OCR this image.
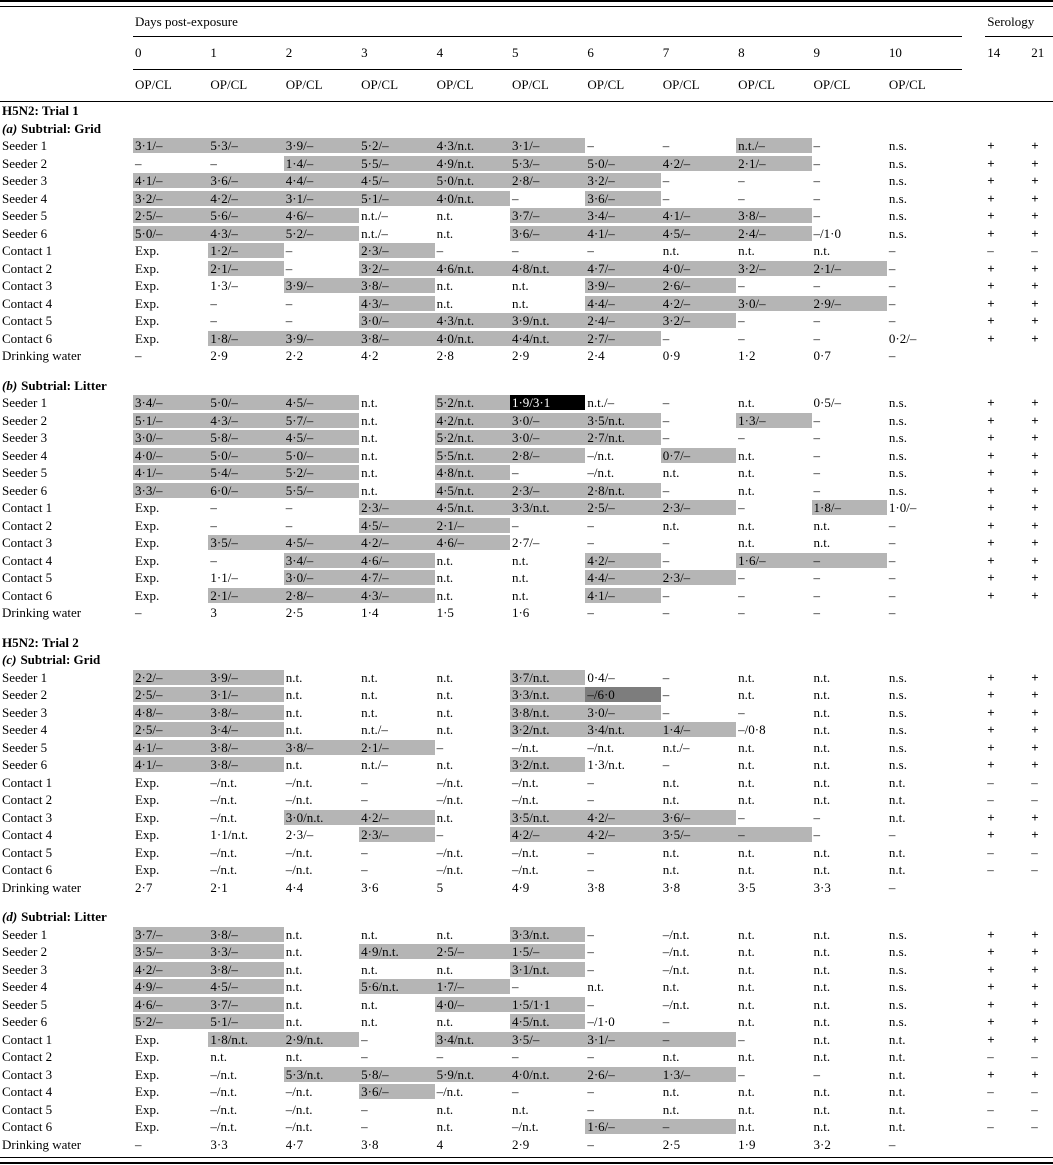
Days post-exposure	Serology
0	1	2	3	4	5	6	7	8	9	10	14	21
OP/CL	OP/CL	OP/CL	OP/CL	OP/CL	OP/CL	OP/CL	OP/CL	OP/CL	OP/CL	OP/CL
H5N2: Trial 1
(a) Subtrial: Grid
Seeder 1	3·1/–	5·3/–	3·9/–	5·2/–	4·3/n.t.	3·1/–	–	–	n.t./–	–	n.s.	+	+
Seeder 2	–	–	1·4/–	5·5/–	4·9/n.t.	5·3/–	5·0/–	4·2/–	2·1/–	–	n.s.	+	+
Seeder 3	4·1/–	3·6/–	4·4/–	4·5/–	5·0/n.t.	2·8/–	3·2/–	–	–	–	n.s.	+	+
Seeder 4	3·2/–	4·2/–	3·1/–	5·1/–	4·0/n.t.	–	3·6/–	–	–	–	n.s.	+	+
Seeder 5	2·5/–	5·6/–	4·6/–	n.t./–	n.t.	3·7/–	3·4/–	4·1/–	3·8/–	–	n.s.	+	+
Seeder 6	5·0/–	4·3/–	5·2/–	n.t./–	n.t.	3·6/–	4·1/–	4·5/–	2·4/–	–/1·0	n.s.	+	+
Contact 1	Exp.	1·2/–	–	2·3/–	–	–	–	n.t.	n.t.	n.t.	–	–	–
Contact 2	Exp.	2·1/–	–	3·2/–	4·6/n.t.	4·8/n.t.	4·7/–	4·0/–	3·2/–	2·1/–	–	+	+
Contact 3	Exp.	1·3/–	3·9/–	3·8/–	n.t.	n.t.	3·9/–	2·6/–	–	–	–	+	+
Contact 4	Exp.	–	–	4·3/–	n.t.	n.t.	4·4/–	4·2/–	3·0/–	2·9/–	–	+	+
Contact 5	Exp.	–	–	3·0/–	4·3/n.t.	3·9/n.t.	2·4/–	3·2/–	–	–	–	+	+
Contact 6	Exp.	1·8/–	3·9/–	3·8/–	4·0/n.t.	4·4/n.t.	2·7/–	–	–	–	0·2/–	+	+
Drinking water	–	2·9	2·2	4·2	2·8	2·9	2·4	0·9	1·2	0·7	–
(b) Subtrial: Litter
Seeder 1	3·4/–	5·0/–	4·5/–	n.t.	5·2/n.t.	1·9/3·1	n.t./–	–	n.t.	0·5/–	n.s.	+	+
Seeder 2	5·1/–	4·3/–	5·7/–	n.t.	4·2/n.t.	3·0/–	3·5/n.t.	–	1·3/–	–	n.s.	+	+
Seeder 3	3·0/–	5·8/–	4·5/–	n.t.	5·2/n.t.	3·0/–	2·7/n.t.	–	–	–	n.s.	+	+
Seeder 4	4·0/–	5·0/–	5·0/–	n.t.	5·5/n.t.	2·8/–	–/n.t.	0·7/–	n.t.	–	n.s.	+	+
Seeder 5	4·1/–	5·4/–	5·2/–	n.t.	4·8/n.t.	–	–/n.t.	n.t.	n.t.	–	n.s.	+	+
Seeder 6	3·3/–	6·0/–	5·5/–	n.t.	4·5/n.t.	2·3/–	2·8/n.t.	–	n.t.	–	n.s.	+	+
Contact 1	Exp.	–	–	2·3/–	4·5/n.t.	3·3/n.t.	2·5/–	2·3/–	–	1·8/–	1·0/–	+	+
Contact 2	Exp.	–	–	4·5/–	2·1/–	–	–	n.t.	n.t.	n.t.	–	+	+
Contact 3	Exp.	3·5/–	4·5/–	4·2/–	4·6/–	2·7/–	–	–	n.t.	n.t.	–	+	+
Contact 4	Exp.	–	3·4/–	4·6/–	n.t.	n.t.	4·2/–	–	1·6/–	–	–	+	+
Contact 5	Exp.	1·1/–	3·0/–	4·7/–	n.t.	n.t.	4·4/–	2·3/–	–	–	–	+	+
Contact 6	Exp.	2·1/–	2·8/–	4·3/–	n.t.	n.t.	4·1/–	–	–	–	–	+	+
Drinking water	–	3	2·5	1·4	1·5	1·6	–	–	–	–	–
H5N2: Trial 2
(c) Subtrial: Grid
Seeder 1	2·2/–	3·9/–	n.t.	n.t.	n.t.	3·7/n.t.	0·4/–	–	n.t.	n.t.	n.s.	+	+
Seeder 2	2·5/–	3·1/–	n.t.	n.t.	n.t.	3·3/n.t.	–/6·0	–	n.t.	n.t.	n.s.	+	+
Seeder 3	4·8/–	3·8/–	n.t.	n.t.	n.t.	3·8/n.t.	3·0/–	–	–	n.t.	n.s.	+	+
Seeder 4	2·5/–	3·4/–	n.t.	n.t./–	n.t.	3·2/n.t.	3·4/n.t.	1·4/–	–/0·8	n.t.	n.s.	+	+
Seeder 5	4·1/–	3·8/–	3·8/–	2·1/–	–	–/n.t.	–/n.t.	n.t./–	n.t.	n.t.	n.s.	+	+
Seeder 6	4·1/–	3·8/–	n.t.	n.t./–	n.t.	3·2/n.t.	1·3/n.t.	–	n.t.	n.t.	n.s.	+	+
Contact 1	Exp.	–/n.t.	–/n.t.	–	–/n.t.	–/n.t.	–	n.t.	n.t.	n.t.	n.t.	–	–
Contact 2	Exp.	–/n.t.	–/n.t.	–	–/n.t.	–/n.t.	–	n.t.	n.t.	n.t.	n.t.	–	–
Contact 3	Exp.	–/n.t.	3·0/n.t.	4·2/–	n.t.	3·5/n.t.	4·2/–	3·6/–	–	–	n.t.	+	+
Contact 4	Exp.	1·1/n.t.	2·3/–	2·3/–	–	4·2/–	4·2/–	3·5/–	–	–	–	+	+
Contact 5	Exp.	–/n.t.	–/n.t.	–	–/n.t.	–/n.t.	–	n.t.	n.t.	n.t.	n.t.	–	–
Contact 6	Exp.	–/n.t.	–/n.t.	–	–/n.t.	–/n.t.	–	n.t.	n.t.	n.t.	n.t.	–	–
Drinking water	2·7	2·1	4·4	3·6	5	4·9	3·8	3·8	3·5	3·3	–
(d) Subtrial: Litter
Seeder 1	3·7/–	3·8/–	n.t.	n.t.	n.t.	3·3/n.t.	–	–/n.t.	n.t.	n.t.	n.s.	+	+
Seeder 2	3·5/–	3·3/–	n.t.	4·9/n.t.	2·5/–	1·5/–	–	–/n.t.	n.t.	n.t.	n.s.	+	+
Seeder 3	4·2/–	3·8/–	n.t.	n.t.	n.t.	3·1/n.t.	–	–/n.t.	n.t.	n.t.	n.s.	+	+
Seeder 4	4·9/–	4·5/–	n.t.	5·6/n.t.	1·7/–	–	n.t.	n.t.	n.t.	n.t.	n.s.	+	+
Seeder 5	4·6/–	3·7/–	n.t.	n.t.	4·0/–	1·5/1·1	–	–/n.t.	n.t.	n.t.	n.s.	+	+
Seeder 6	5·2/–	5·1/–	n.t.	n.t.	n.t.	4·5/n.t.	–/1·0	–	n.t.	n.t.	n.s.	+	+
Contact 1	Exp.	1·8/n.t.	2·9/n.t.	–	3·4/n.t.	3·5/–	3·1/–	–	–	n.t.	n.t.	+	+
Contact 2	Exp.	n.t.	n.t.	–	–	–	–	n.t.	n.t.	n.t.	n.t.	–	–
Contact 3	Exp.	–/n.t.	5·3/n.t.	5·8/–	5·9/n.t.	4·0/n.t.	2·6/–	1·3/–	–	–	n.t.	+	+
Contact 4	Exp.	–/n.t.	–/n.t.	3·6/–	–/n.t.	–	–	n.t.	n.t.	n.t.	n.t.	–	–
Contact 5	Exp.	–/n.t.	–/n.t.	–	n.t.	n.t.	–	n.t.	n.t.	n.t.	n.t.	–	–
Contact 6	Exp.	–/n.t.	–/n.t.	–	n.t.	–/n.t.	1·6/–	–	n.t.	n.t.	n.t.	–	–
Drinking water	–	3·3	4·7	3·8	4	2·9	–	2·5	1·9	3·2	–
